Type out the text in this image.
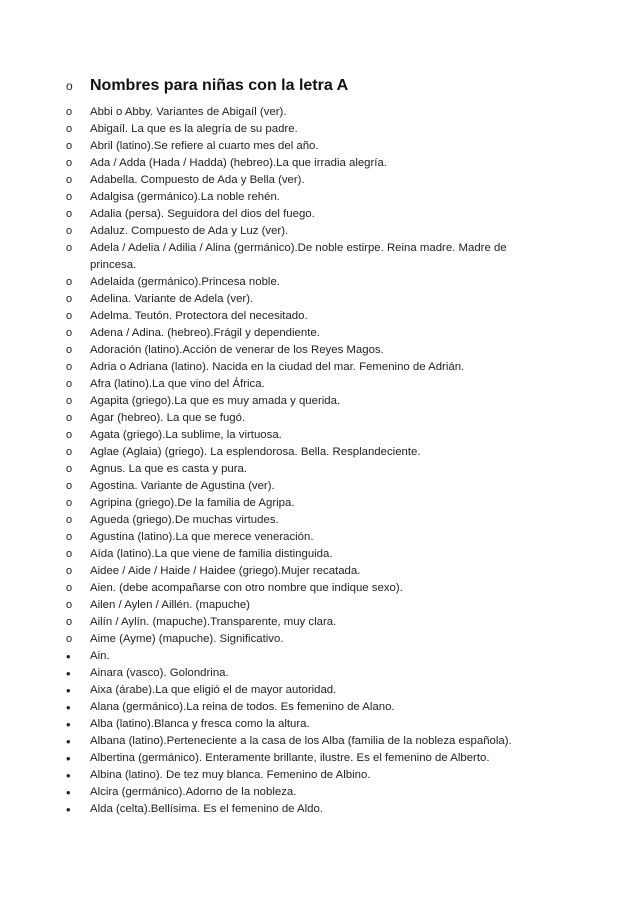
o	Nombres para niñas con la letra A
o	Abbi o Abby. Variantes de Abigaíl (ver).
o	Abigaíl. La que es la alegría de su padre.
o	Abril (latino).Se refiere al cuarto mes del año.
o	Ada / Adda (Hada / Hadda) (hebreo).La que irradia alegría.
o	Adabella. Compuesto de Ada y Bella (ver).
o	Adalgisa (germánico).La noble rehén.
o	Adalia (persa). Seguidora del dios del fuego.
o	Adaluz. Compuesto de Ada y Luz (ver).
o	Adela / Adelia / Adilia / Alina (germánico).De noble estirpe. Reina madre. Madre de princesa.
o	Adelaida (germánico).Princesa noble.
o	Adelina. Variante de Adela (ver).
o	Adelma. Teutón. Protectora del necesitado.
o	Adena / Adina. (hebreo).Frágil y dependiente.
o	Adoración (latino).Acción de venerar de los Reyes Magos.
o	Adria o Adriana (latino). Nacida en la ciudad del mar. Femenino de Adrián.
o	Afra (latino).La que vino del África.
o	Agapita (griego).La que es muy amada y querida.
o	Agar (hebreo). La que se fugó.
o	Agata (griego).La sublime, la virtuosa.
o	Aglae (Aglaia) (griego). La esplendorosa. Bella. Resplandeciente.
o	Agnus. La que es casta y pura.
o	Agostina. Variante de Agustina (ver).
o	Agripina (griego).De la familia de Agripa.
o	Agueda (griego).De muchas virtudes.
o	Agustina (latino).La que merece veneración.
o	Aída (latino).La que viene de familia distinguida.
o	Aidee / Aide / Haide / Haidee (griego).Mujer recatada.
o	Aien. (debe acompañarse con otro nombre que indique sexo).
o	Ailen / Aylen / Aillén. (mapuche)
o	Ailín / Aylín. (mapuche).Transparente, muy clara.
o	Aime (Ayme) (mapuche). Significativo.
•	Ain.
•	Ainara (vasco). Golondrina.
•	Aixa (árabe).La que eligió el de mayor autoridad.
•	Alana (germánico).La reina de todos. Es femenino de Alano.
•	Alba (latino).Blanca y fresca como la altura.
•	Albana (latino).Perteneciente a la casa de los Alba (familia de la nobleza española).
•	Albertina (germánico). Enteramente brillante, ilustre. Es el femenino de Alberto.
•	Albina (latino). De tez muy blanca. Femenino de Albino.
•	Alcira (germánico).Adorno de la nobleza.
•	Alda (celta).Bellísima. Es el femenino de Aldo.
